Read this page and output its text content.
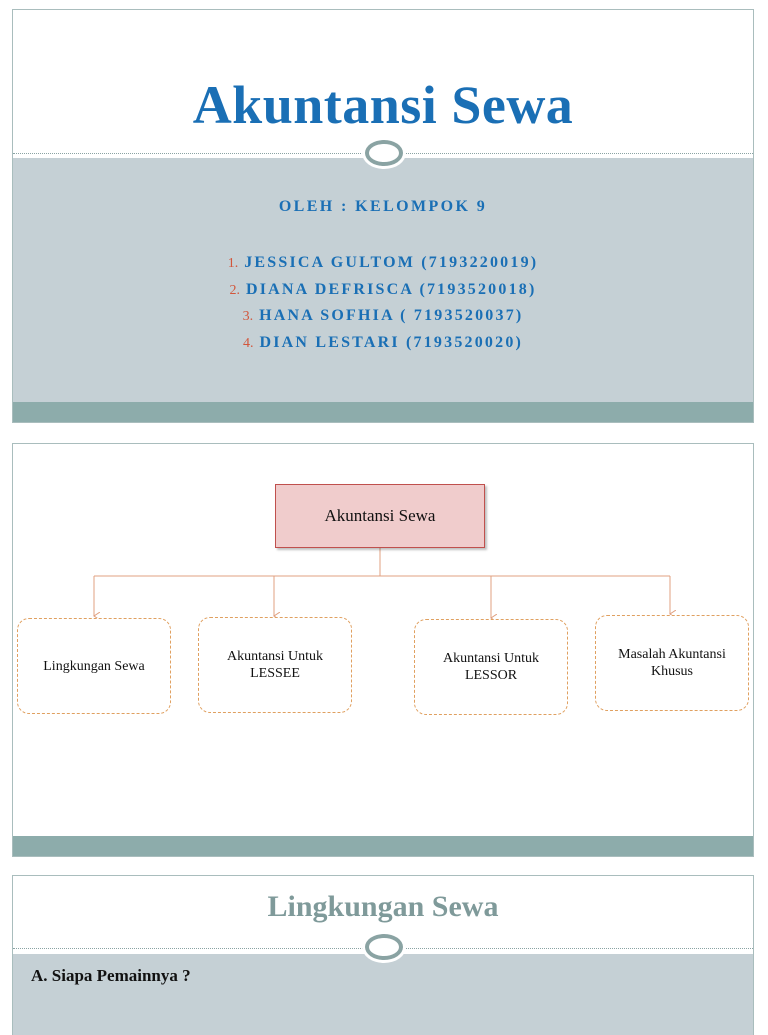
Akuntansi Sewa
OLEH : KELOMPOK 9
1. JESSICA GULTOM (7193220019)
2. DIANA DEFRISCA (7193520018)
3. HANA SOFHIA ( 7193520037)
4. DIAN LESTARI (7193520020)
Akuntansi Sewa
Lingkungan Sewa
Akuntansi Untuk LESSEE
Akuntansi Untuk LESSOR
Masalah Akuntansi Khusus
Lingkungan Sewa
A. Siapa Pemainnya ?
